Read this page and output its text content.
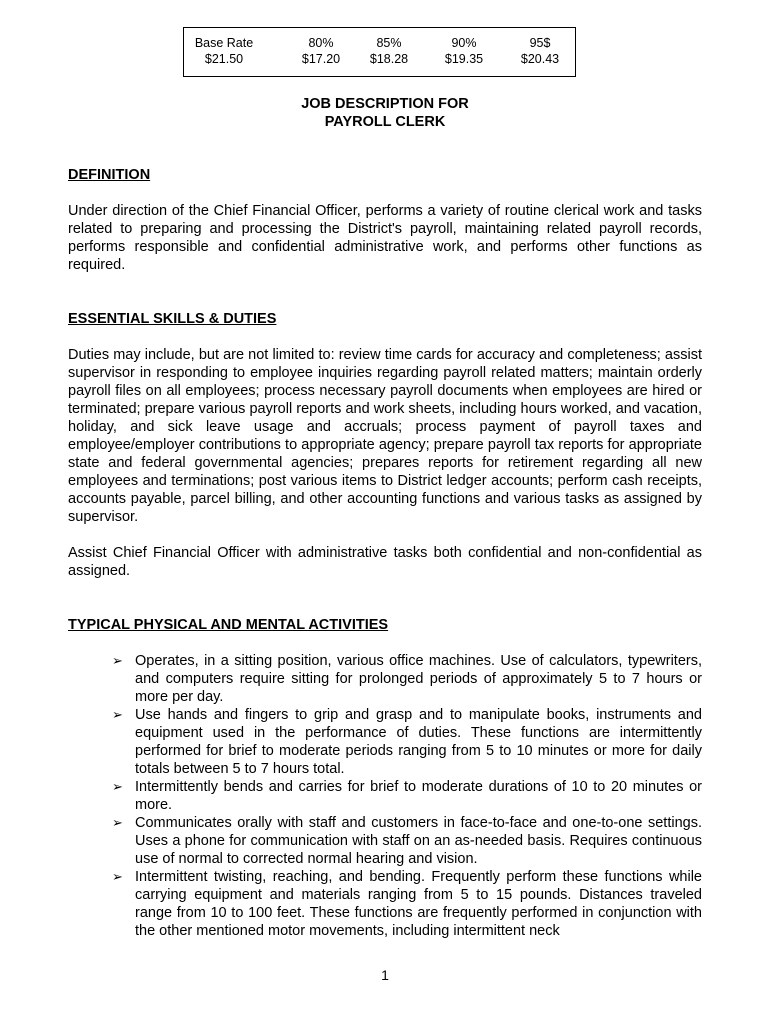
Base Rate	80%	85%	90%	95$
$21.50	$17.20	$18.28	$19.35	$20.43
JOB DESCRIPTION FOR
PAYROLL CLERK
DEFINITION
Under direction of the Chief Financial Officer, performs a variety of routine clerical work and tasks related to preparing and processing the District's payroll, maintaining related payroll records, performs responsible and confidential administrative work, and performs other functions as required.
ESSENTIAL SKILLS & DUTIES
Duties may include, but are not limited to: review time cards for accuracy and completeness; assist supervisor in responding to employee inquiries regarding payroll related matters; maintain orderly payroll files on all employees; process necessary payroll documents when employees are hired or terminated; prepare various payroll reports and work sheets, including hours worked, and vacation, holiday, and sick leave usage and accruals; process payment of payroll taxes and employee/employer contributions to appropriate agency; prepare payroll tax reports for appropriate state and federal governmental agencies; prepares reports for retirement regarding all new employees and terminations; post various items to District ledger accounts; perform cash receipts, accounts payable, parcel billing, and other accounting functions and various tasks as assigned by supervisor.
Assist Chief Financial Officer with administrative tasks both confidential and non-confidential as assigned.
TYPICAL PHYSICAL AND MENTAL ACTIVITIES
➢ Operates, in a sitting position, various office machines. Use of calculators, typewriters, and computers require sitting for prolonged periods of approximately 5 to 7 hours or more per day.
➢ Use hands and fingers to grip and grasp and to manipulate books, instruments and equipment used in the performance of duties. These functions are intermittently performed for brief to moderate periods ranging from 5 to 10 minutes or more for daily totals between 5 to 7 hours total.
➢ Intermittently bends and carries for brief to moderate durations of 10 to 20 minutes or more.
➢ Communicates orally with staff and customers in face-to-face and one-to-one settings. Uses a phone for communication with staff on an as-needed basis. Requires continuous use of normal to corrected normal hearing and vision.
➢ Intermittent twisting, reaching, and bending. Frequently perform these functions while carrying equipment and materials ranging from 5 to 15 pounds. Distances traveled range from 10 to 100 feet. These functions are frequently performed in conjunction with the other mentioned motor movements, including intermittent neck
1
